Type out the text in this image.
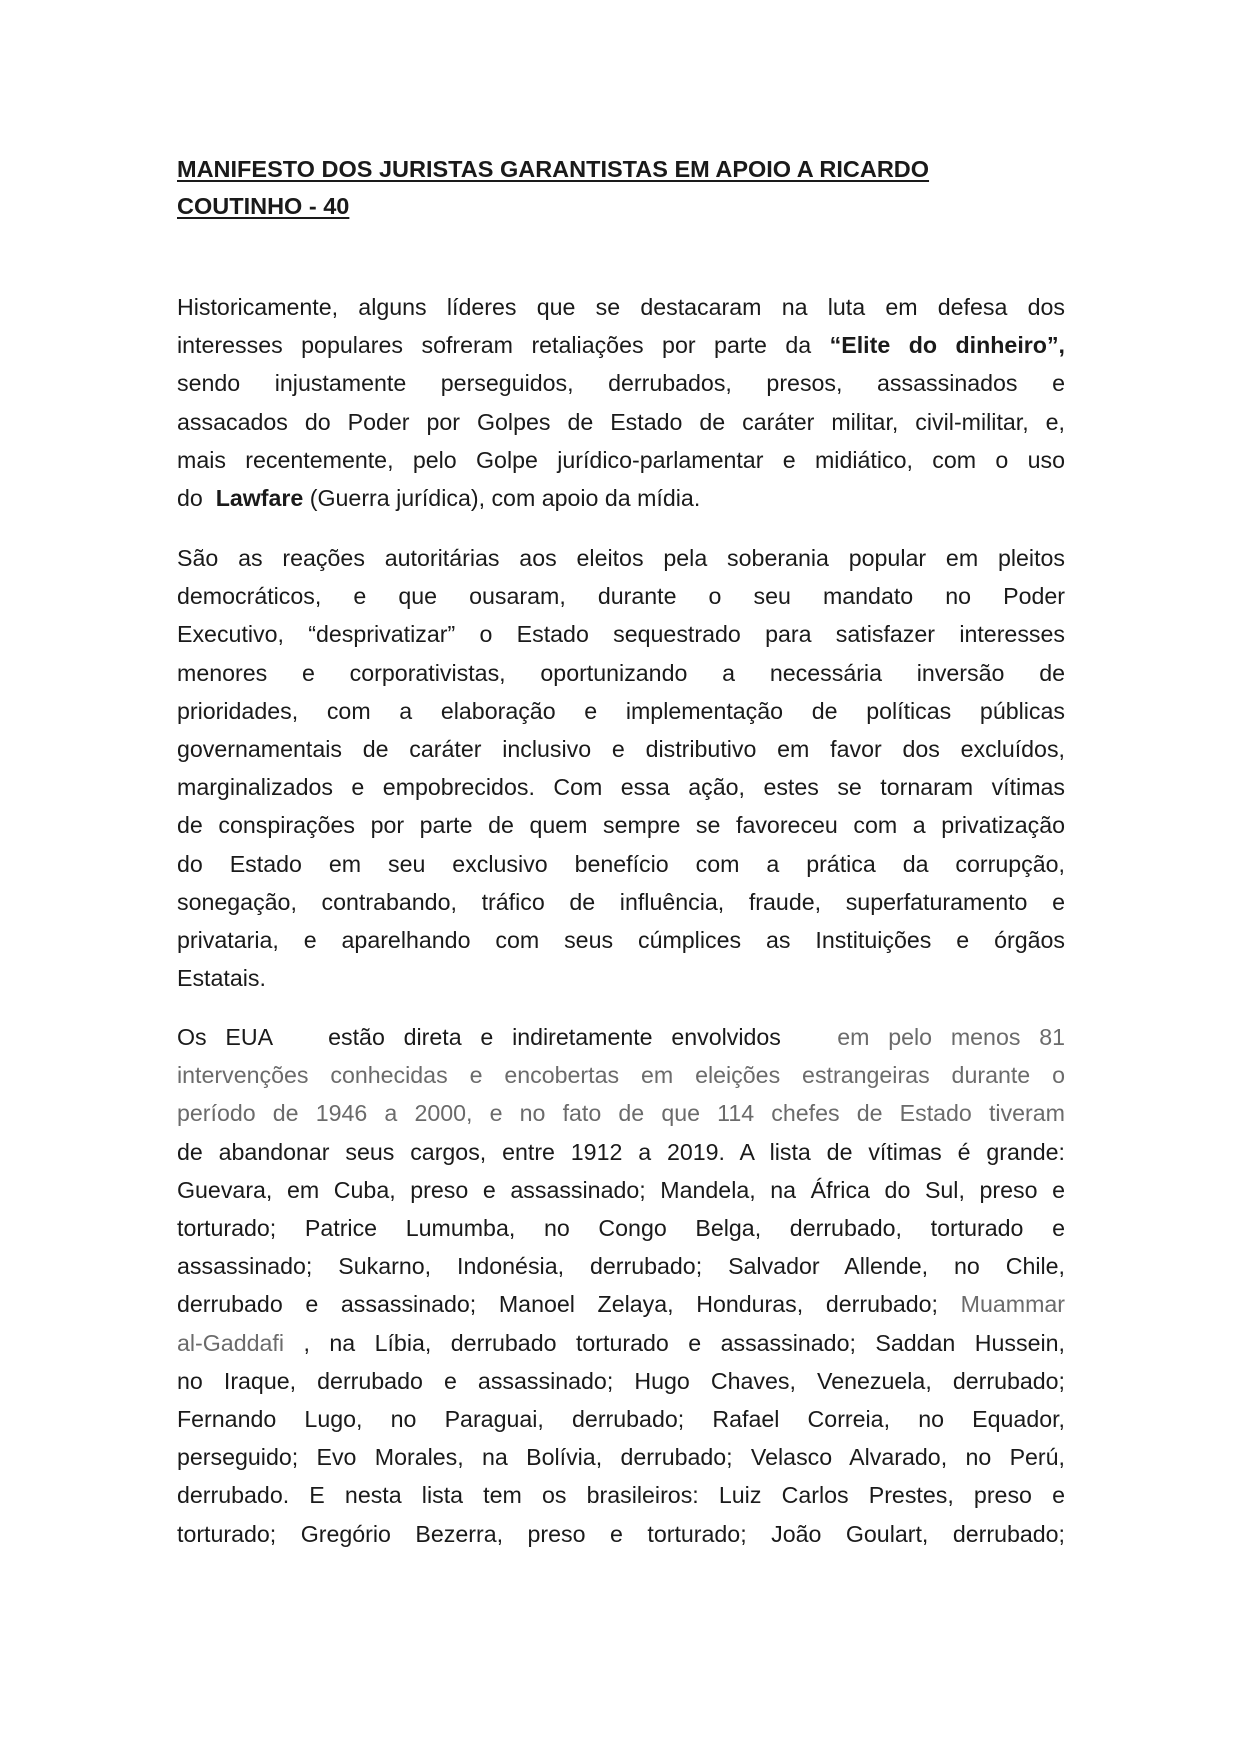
MANIFESTO DOS JURISTAS GARANTISTAS EM APOIO A RICARDO
COUTINHO - 40

Historicamente, alguns líderes que se destacaram na luta em defesa dos
interesses populares sofreram retaliações por parte da “Elite do dinheiro”,
sendo injustamente perseguidos, derrubados, presos, assassinados e
assacados do Poder por Golpes de Estado de caráter militar, civil-militar, e,
mais recentemente, pelo Golpe jurídico-parlamentar e midiático, com o uso
do  Lawfare (Guerra jurídica), com apoio da mídia.

São as reações autoritárias aos eleitos pela soberania popular em pleitos
democráticos, e que ousaram, durante o seu mandato no Poder
Executivo, “desprivatizar” o Estado sequestrado para satisfazer interesses
menores e corporativistas, oportunizando a necessária inversão de
prioridades, com a elaboração e implementação de políticas públicas
governamentais de caráter inclusivo e distributivo em favor dos excluídos,
marginalizados e empobrecidos. Com essa ação, estes se tornaram vítimas
de conspirações por parte de quem sempre se favoreceu com a privatização
do Estado em seu exclusivo benefício com a prática da corrupção,
sonegação, contrabando, tráfico de influência, fraude, superfaturamento e
privataria, e aparelhando com seus cúmplices as Instituições e órgãos
Estatais.

Os EUA   estão direta e indiretamente envolvidos   em pelo menos 81
intervenções conhecidas e encobertas em eleições estrangeiras durante o
período de 1946 a 2000, e no fato de que 114 chefes de Estado tiveram
de abandonar seus cargos, entre 1912 a 2019. A lista de vítimas é grande:
Guevara, em Cuba, preso e assassinado; Mandela, na África do Sul, preso e
torturado; Patrice Lumumba, no Congo Belga, derrubado, torturado e
assassinado; Sukarno, Indonésia, derrubado; Salvador Allende, no Chile,
derrubado e assassinado; Manoel Zelaya, Honduras, derrubado; Muammar
al-Gaddafi , na Líbia, derrubado torturado e assassinado; Saddan Hussein,
no Iraque, derrubado e assassinado; Hugo Chaves, Venezuela, derrubado;
Fernando Lugo, no Paraguai, derrubado; Rafael Correia, no Equador,
perseguido; Evo Morales, na Bolívia, derrubado; Velasco Alvarado, no Perú,
derrubado. E nesta lista tem os brasileiros: Luiz Carlos Prestes, preso e
torturado; Gregório Bezerra, preso e torturado; João Goulart, derrubado;
